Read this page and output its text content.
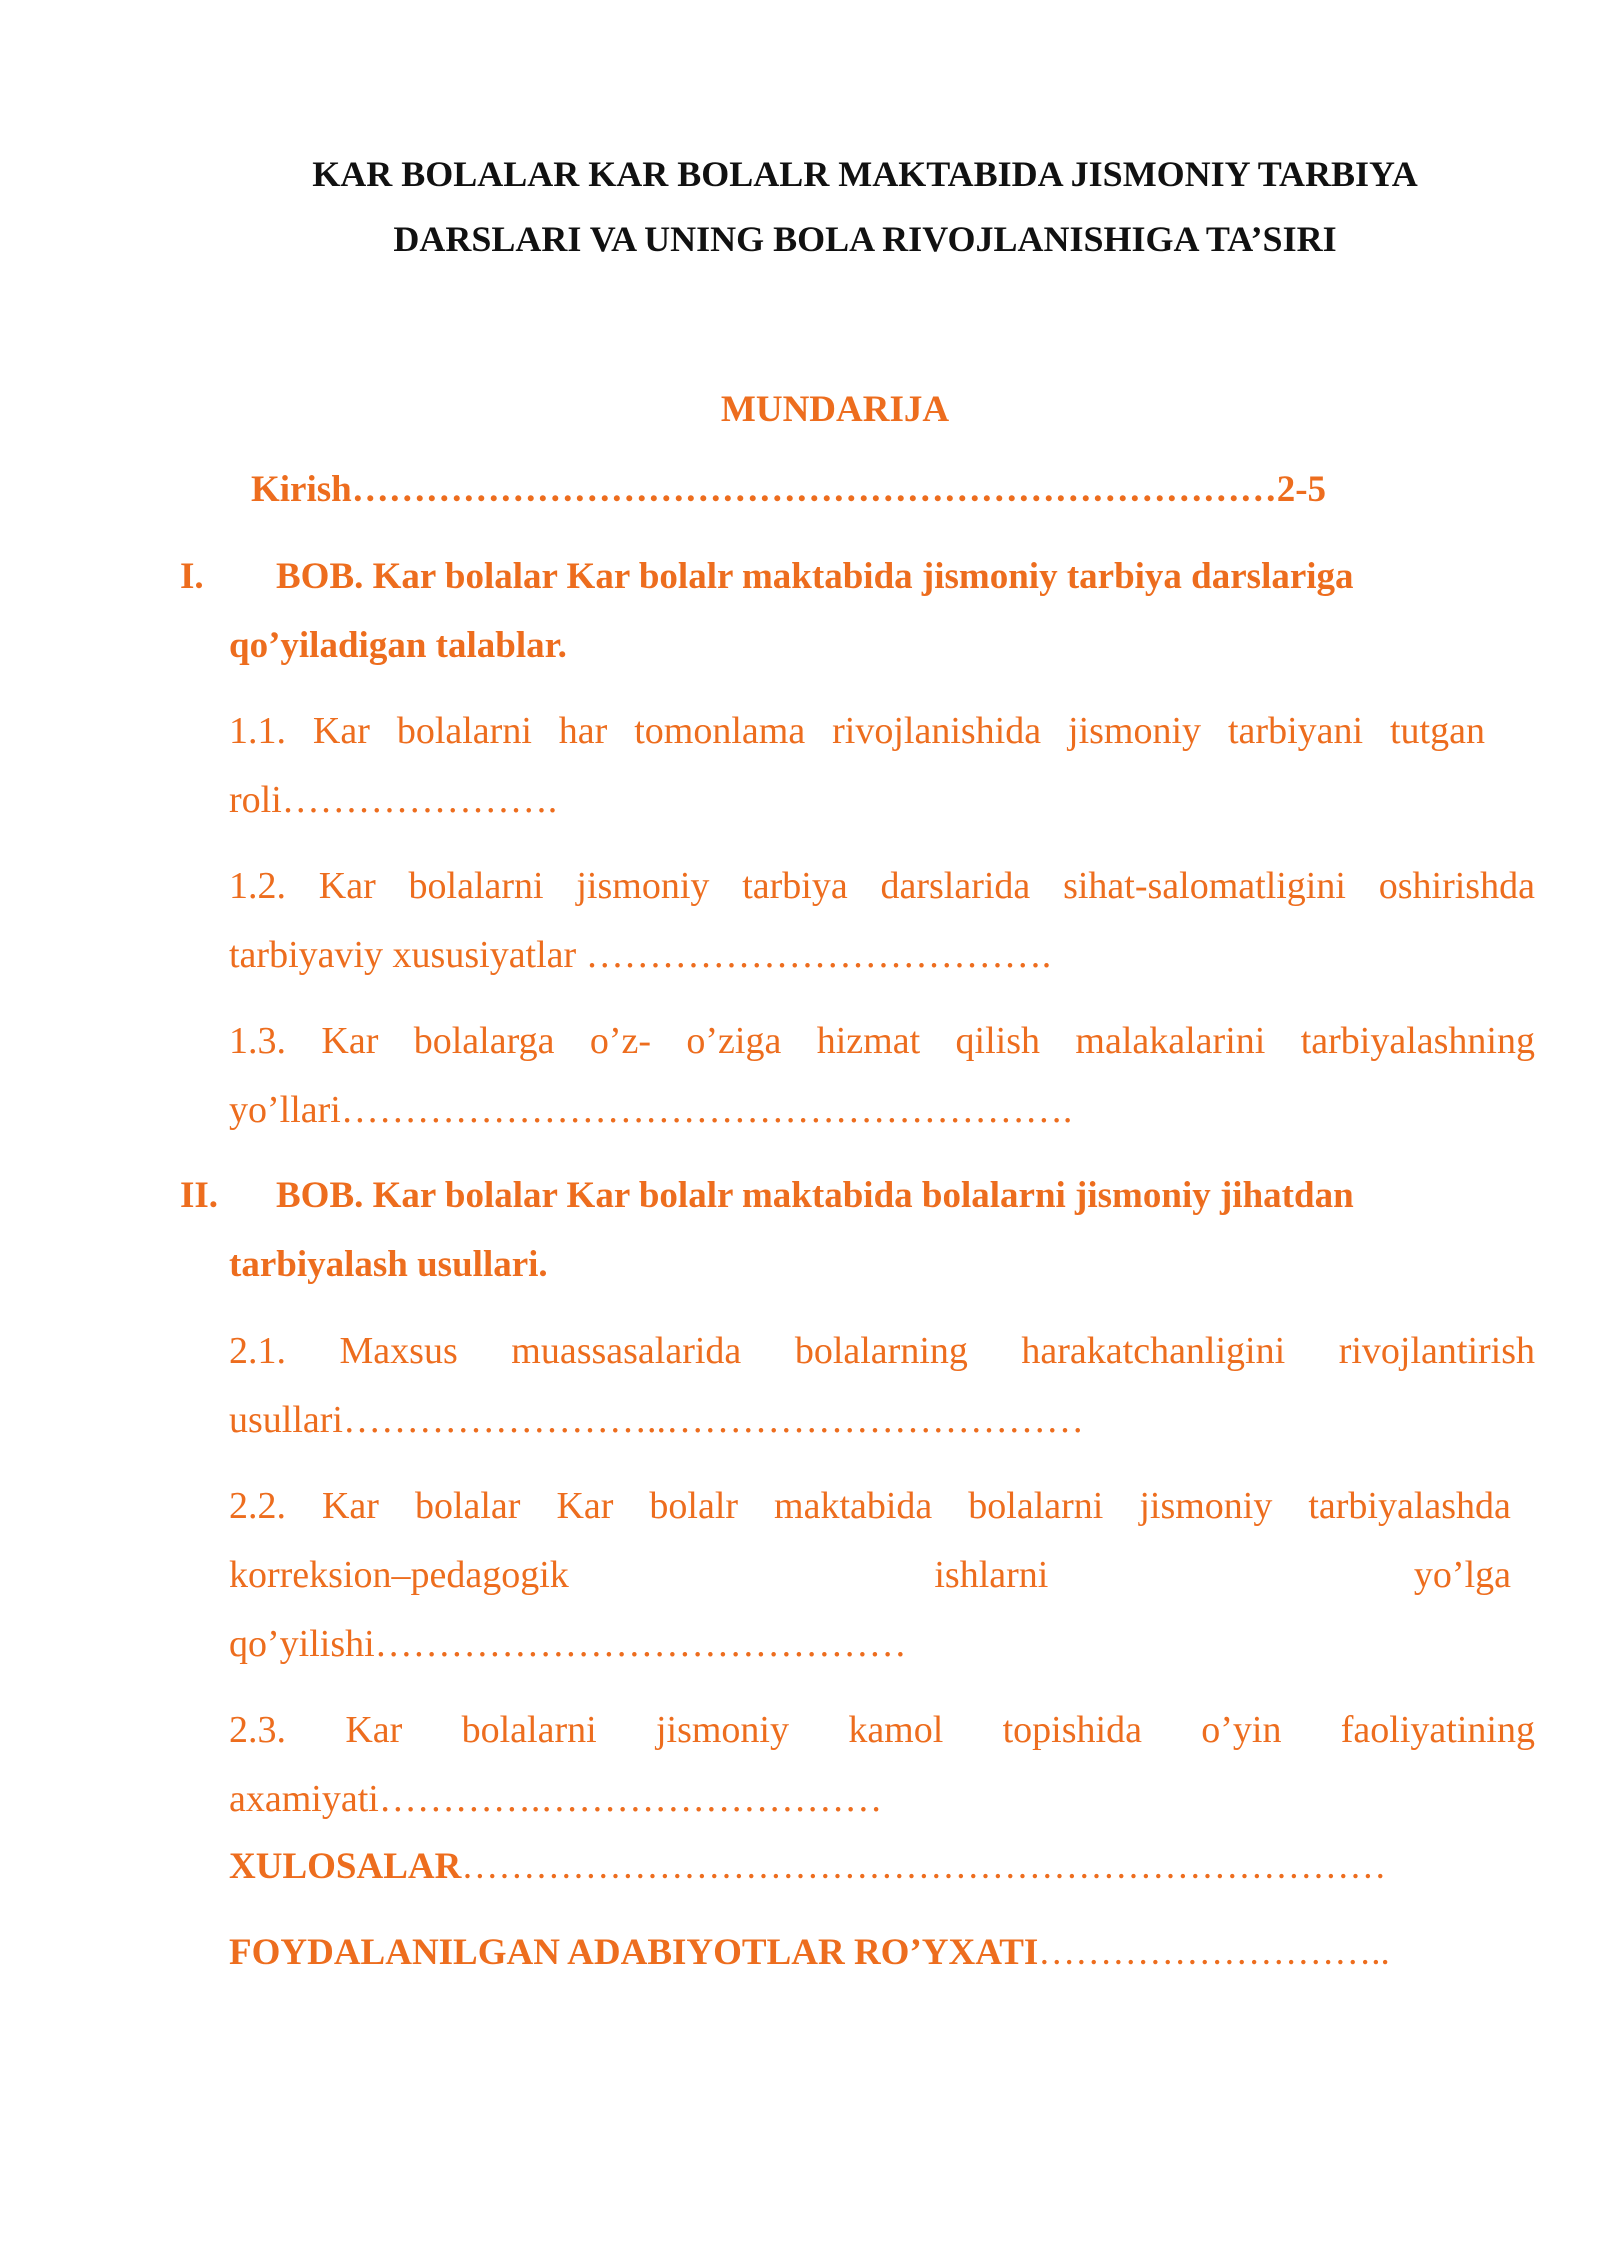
KAR BOLALAR KAR BOLALR MAKTABIDA JISMONIY TARBIYA
DARSLARI VA UNING BOLA RIVOJLANISHIGA TA’SIRI
MUNDARIJA
Kirish…………………………………………………………………2-5
I. BOB. Kar bolalar Kar bolalr maktabida jismoniy tarbiya darslariga
qo’yiladigan talablar.
1.1. Kar bolalarni har tomonlama rivojlanishida jismoniy tarbiyani tutgan
roli………………….
1.2. Kar bolalarni jismoniy tarbiya darslarida sihat-salomatligini oshirishda
tarbiyaviy xususiyatlar ……………………………….
1.3. Kar bolalarga o’z- o’ziga hizmat qilish malakalarini tarbiyalashning
yo’llari………………………………………………….
II. BOB. Kar bolalar Kar bolalr maktabida bolalarni jismoniy jihatdan
tarbiyalash usullari.
2.1. Maxsus muassasalarida bolalarning harakatchanligini rivojlantirish
usullari……………………..……………………………
2.2. Kar bolalar Kar bolalr maktabida bolalarni jismoniy tarbiyalashda
korreksion–pedagogik	ishlarni	yo’lga
qo’yilishi……………………………………
2.3. Kar bolalarni jismoniy kamol topishida o’yin faoliyatining
axamiyati………….………………………
XULOSALAR…………………………………………………………………
FOYDALANILGAN ADABIYOTLAR RO’YXATI………………………..
